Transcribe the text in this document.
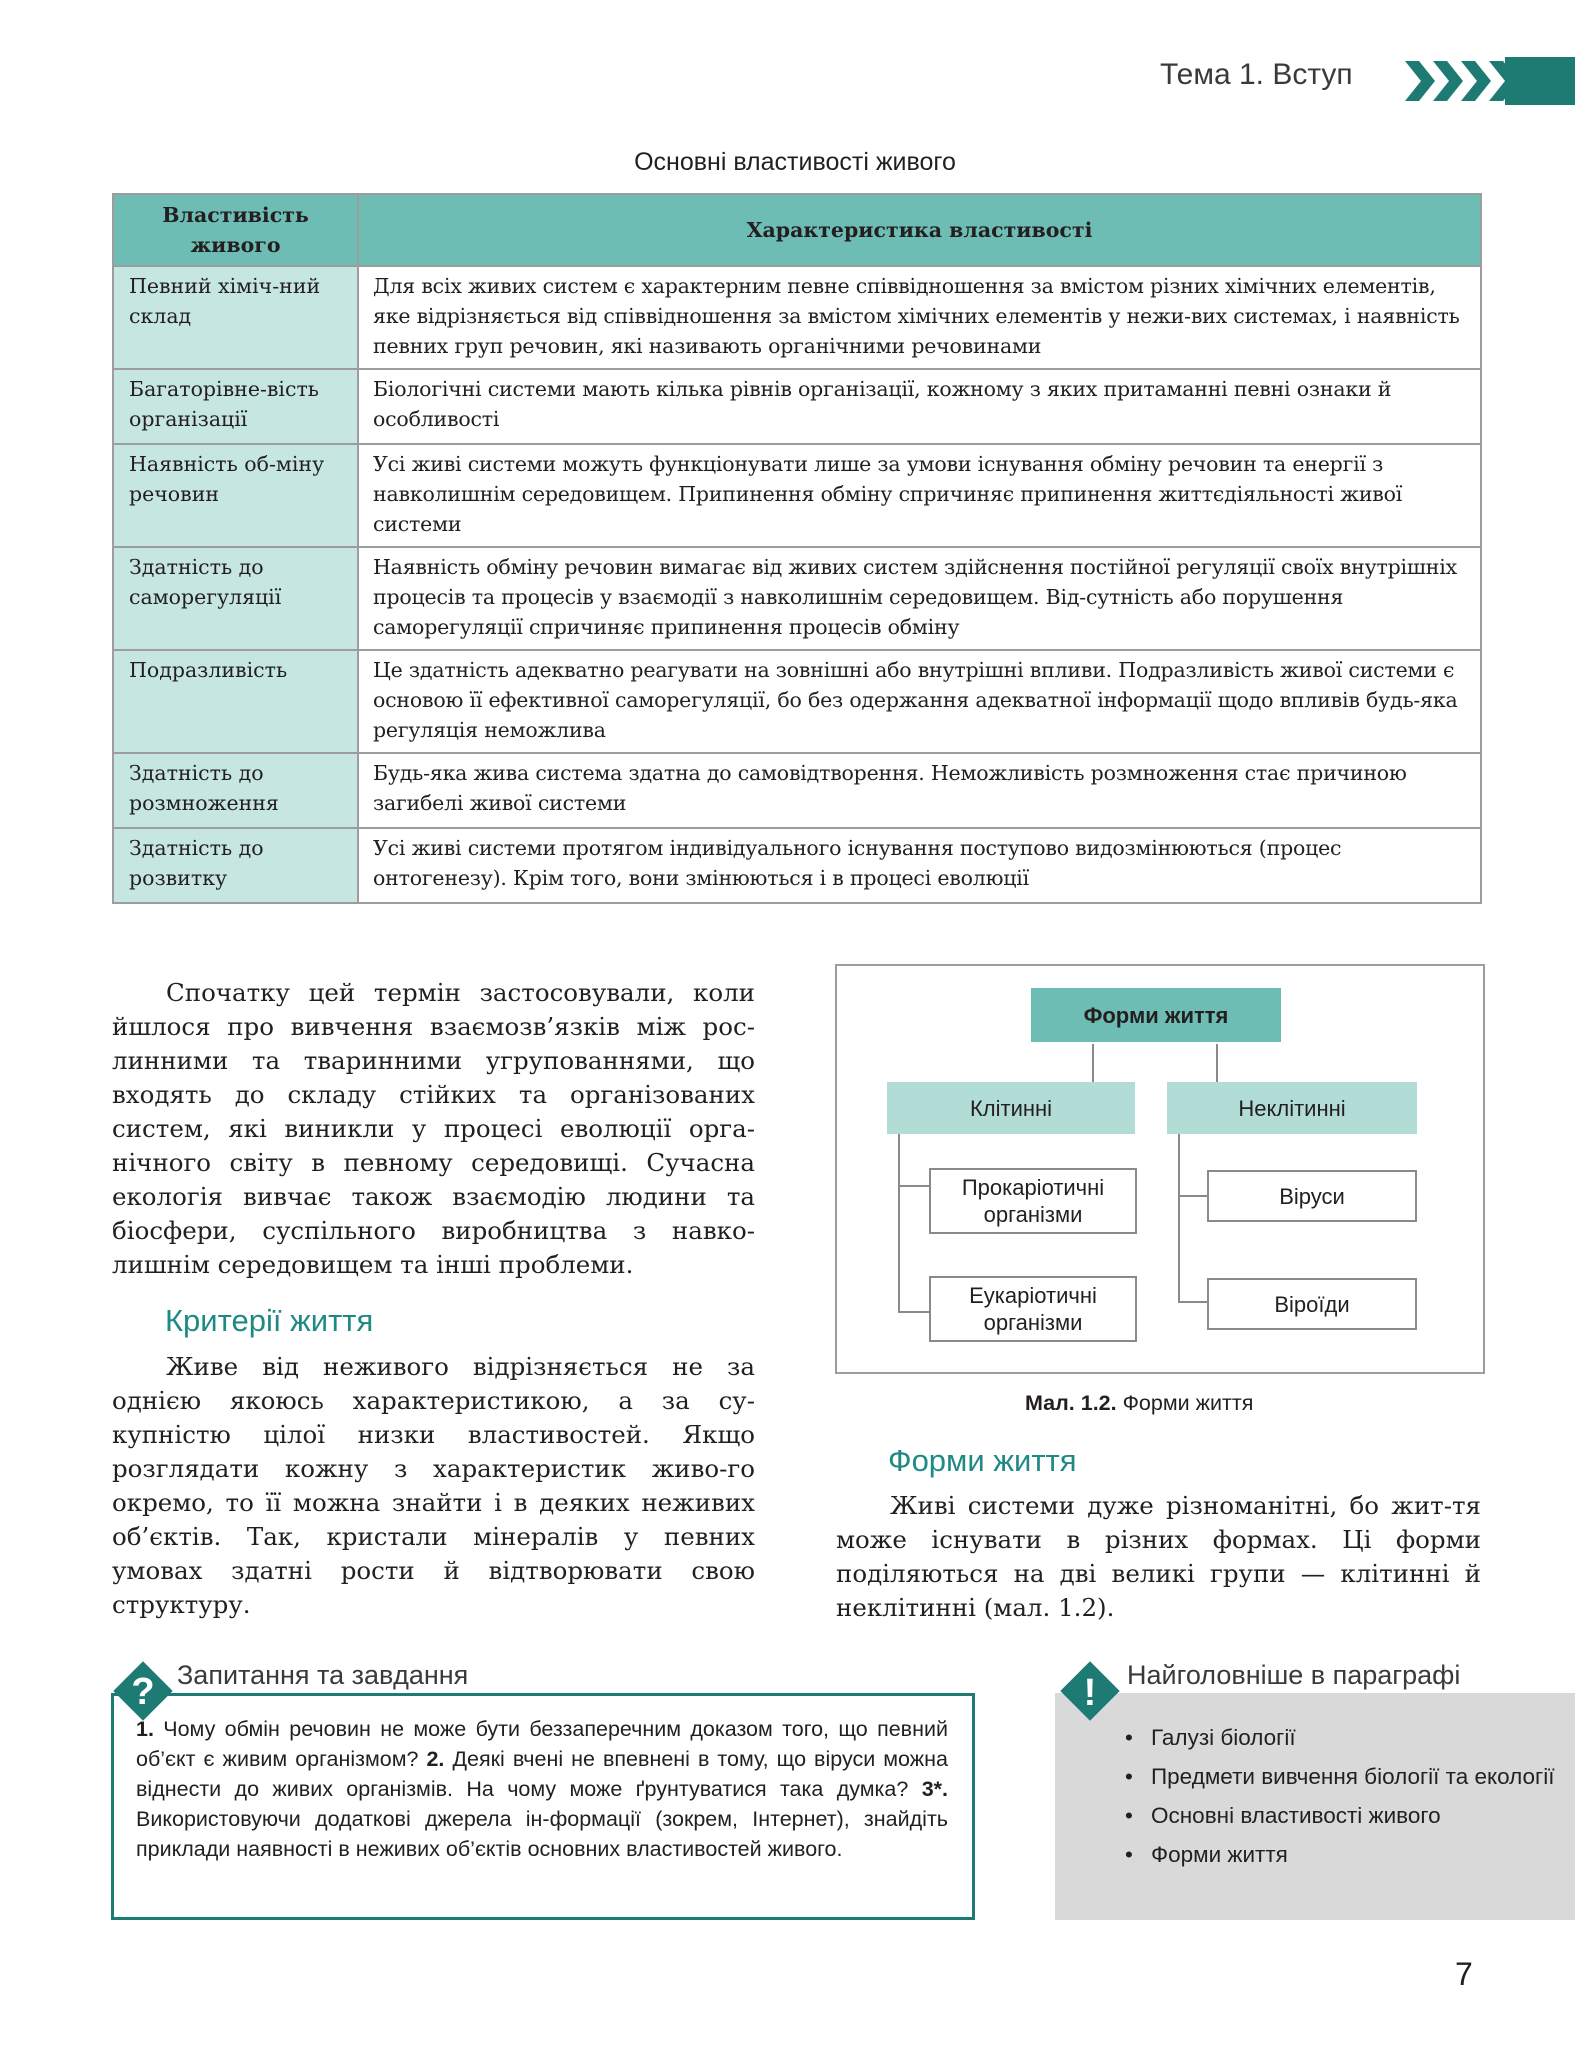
Тема 1. Вступ
Основні властивості живого
Властивість живого	Характеристика властивості
Певний хіміч-ний склад	Для всіх живих систем є характерним певне співвідношення за вмістом різних хімічних елементів, яке відрізняється від співвідношення за вмістом хімічних елементів у нежи-вих системах, і наявність певних груп речовин, які називають органічними речовинами
Багаторівне-вість організації	Біологічні системи мають кілька рівнів організації, кожному з яких притаманні певні ознаки й особливості
Наявність об-міну речовин	Усі живі системи можуть функціонувати лише за умови існування обміну речовин та енергії з навколишнім середовищем. Припинення обміну спричиняє припинення життєдіяльності живої системи
Здатність до саморегуляції	Наявність обміну речовин вимагає від живих систем здійснення постійної регуляції своїх внутрішніх процесів та процесів у взаємодії з навколишнім середовищем. Від-сутність або порушення саморегуляції спричиняє припинення процесів обміну
Подразливість	Це здатність адекватно реагувати на зовнішні або внутрішні впливи. Подразливість живої системи є основою її ефективної саморегуляції, бо без одержання адекватної інформації щодо впливів будь-яка регуляція неможлива
Здатність до розмноження	Будь-яка жива система здатна до самовідтворення. Неможливість розмноження стає причиною загибелі живої системи
Здатність до розвитку	Усі живі системи протягом індивідуального існування поступово видозмінюються (процес онтогенезу). Крім того, вони змінюються і в процесі еволюції
Спочатку цей термін застосовували, коли йшлося про вивчення взаємозв’язків між рос-линними та тваринними угрупованнями, що входять до складу стійких та організованих систем, які виникли у процесі еволюції орга-нічного світу в певному середовищі. Сучасна екологія вивчає також взаємодію людини та біосфери, суспільного виробництва з навко-лишнім середовищем та інші проблеми.
Критерії життя
Живе від неживого відрізняється не за однією якоюсь характеристикою, а за су-купністю цілої низки властивостей. Якщо розглядати кожну з характеристик живо-го окремо, то її можна знайти і в деяких неживих об’єктів. Так, кристали мінералів у певних умовах здатні рости й відтворювати свою структуру.
Форми життя
Клітинні	Неклітинні
Прокаріотичні організми
Еукаріотичні організми
Віруси
Віроїди
Мал. 1.2. Форми життя
Форми життя
Живі системи дуже різноманітні, бо жит-тя може існувати в різних формах. Ці форми поділяються на дві великі групи — клітинні й неклітинні (мал. 1.2).
Запитання та завдання
1. Чому обмін речовин не може бути беззаперечним доказом того, що певний об’єкт є живим організмом? 2. Деякі вчені не впевнені в тому, що віруси можна віднести до живих організмів. На чому може ґрунтуватися така думка? 3*. Використовуючи додаткові джерела ін-формації (зокрем, Інтернет), знайдіть приклади наявності в неживих об’єктів основних властивостей живого.
?	Найголовніше в параграфі
• Галузі біології
• Предмети вивчення біології та екології
• Основні властивості живого
• Форми життя
!
7
